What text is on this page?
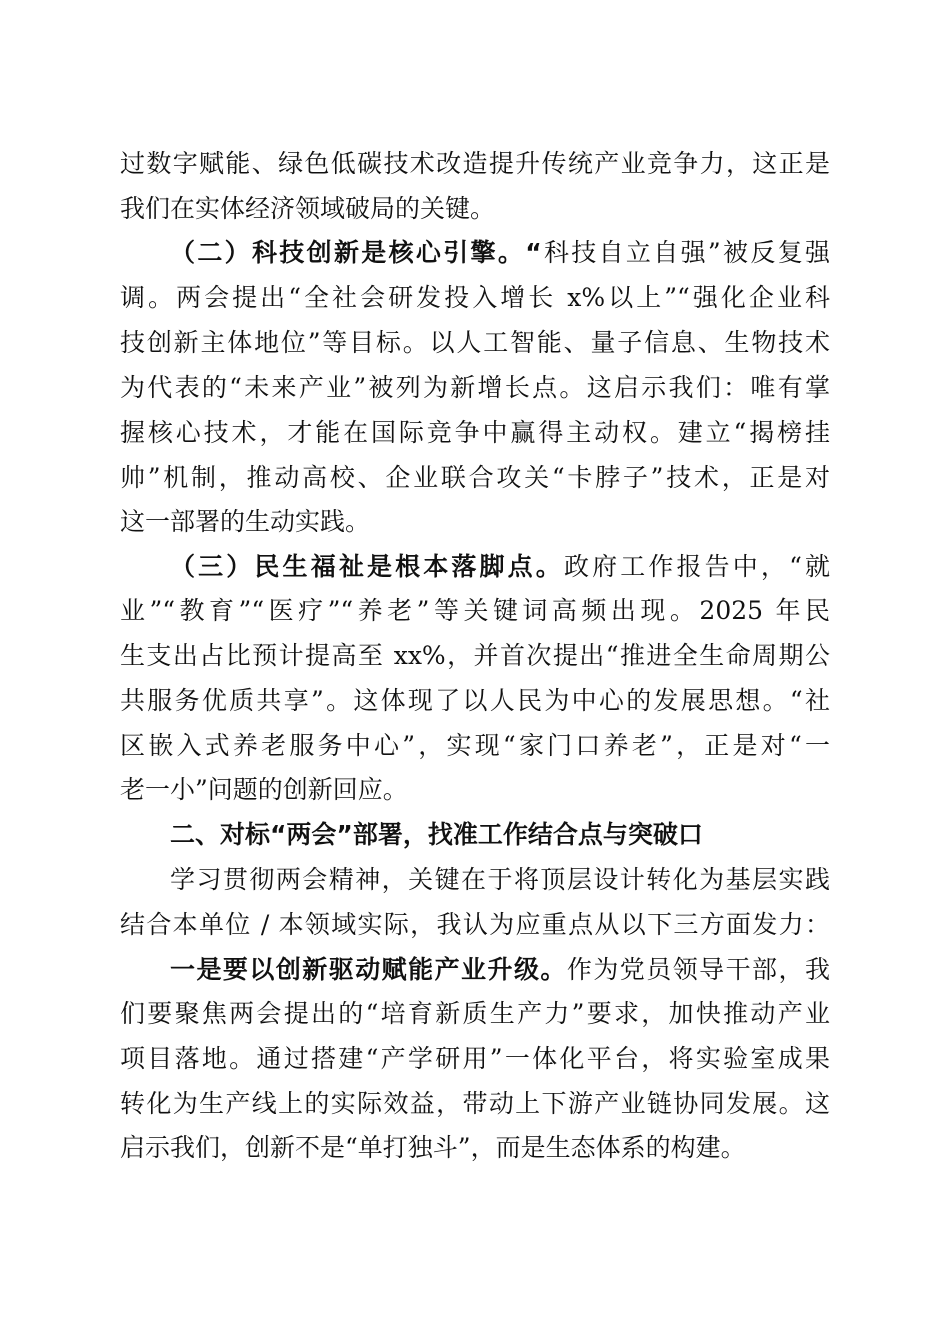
过数字赋能、绿色低碳技术改造提升传统产业竞争力，这正是
我们在实体经济领域破局的关键。
（二）科技创新是核心引擎。“科技自立自强”被反复强
调。两会提出“全社会研发投入增长 x%以上”“强化企业科
技创新主体地位”等目标。以人工智能、量子信息、生物技术
为代表的“未来产业”被列为新增长点。这启示我们：唯有掌
握核心技术，才能在国际竞争中赢得主动权。建立“揭榜挂
帅”机制，推动高校、企业联合攻关“卡脖子”技术，正是对
这一部署的生动实践。
（三）民生福祉是根本落脚点。政府工作报告中，“就
业”“教育”“医疗”“养老”等关键词高频出现。2025 年民
生支出占比预计提高至 xx%，并首次提出“推进全生命周期公
共服务优质共享”。这体现了以人民为中心的发展思想。“社
区嵌入式养老服务中心”，实现“家门口养老”，正是对“一
老一小”问题的创新回应。
二、对标“两会”部署，找准工作结合点与突破口
学习贯彻两会精神，关键在于将顶层设计转化为基层实践
结合本单位 / 本领域实际，我认为应重点从以下三方面发力：
一是要以创新驱动赋能产业升级。作为党员领导干部，我
们要聚焦两会提出的“培育新质生产力”要求，加快推动产业
项目落地。通过搭建“产学研用”一体化平台，将实验室成果
转化为生产线上的实际效益，带动上下游产业链协同发展。这
启示我们，创新不是“单打独斗”，而是生态体系的构建。
